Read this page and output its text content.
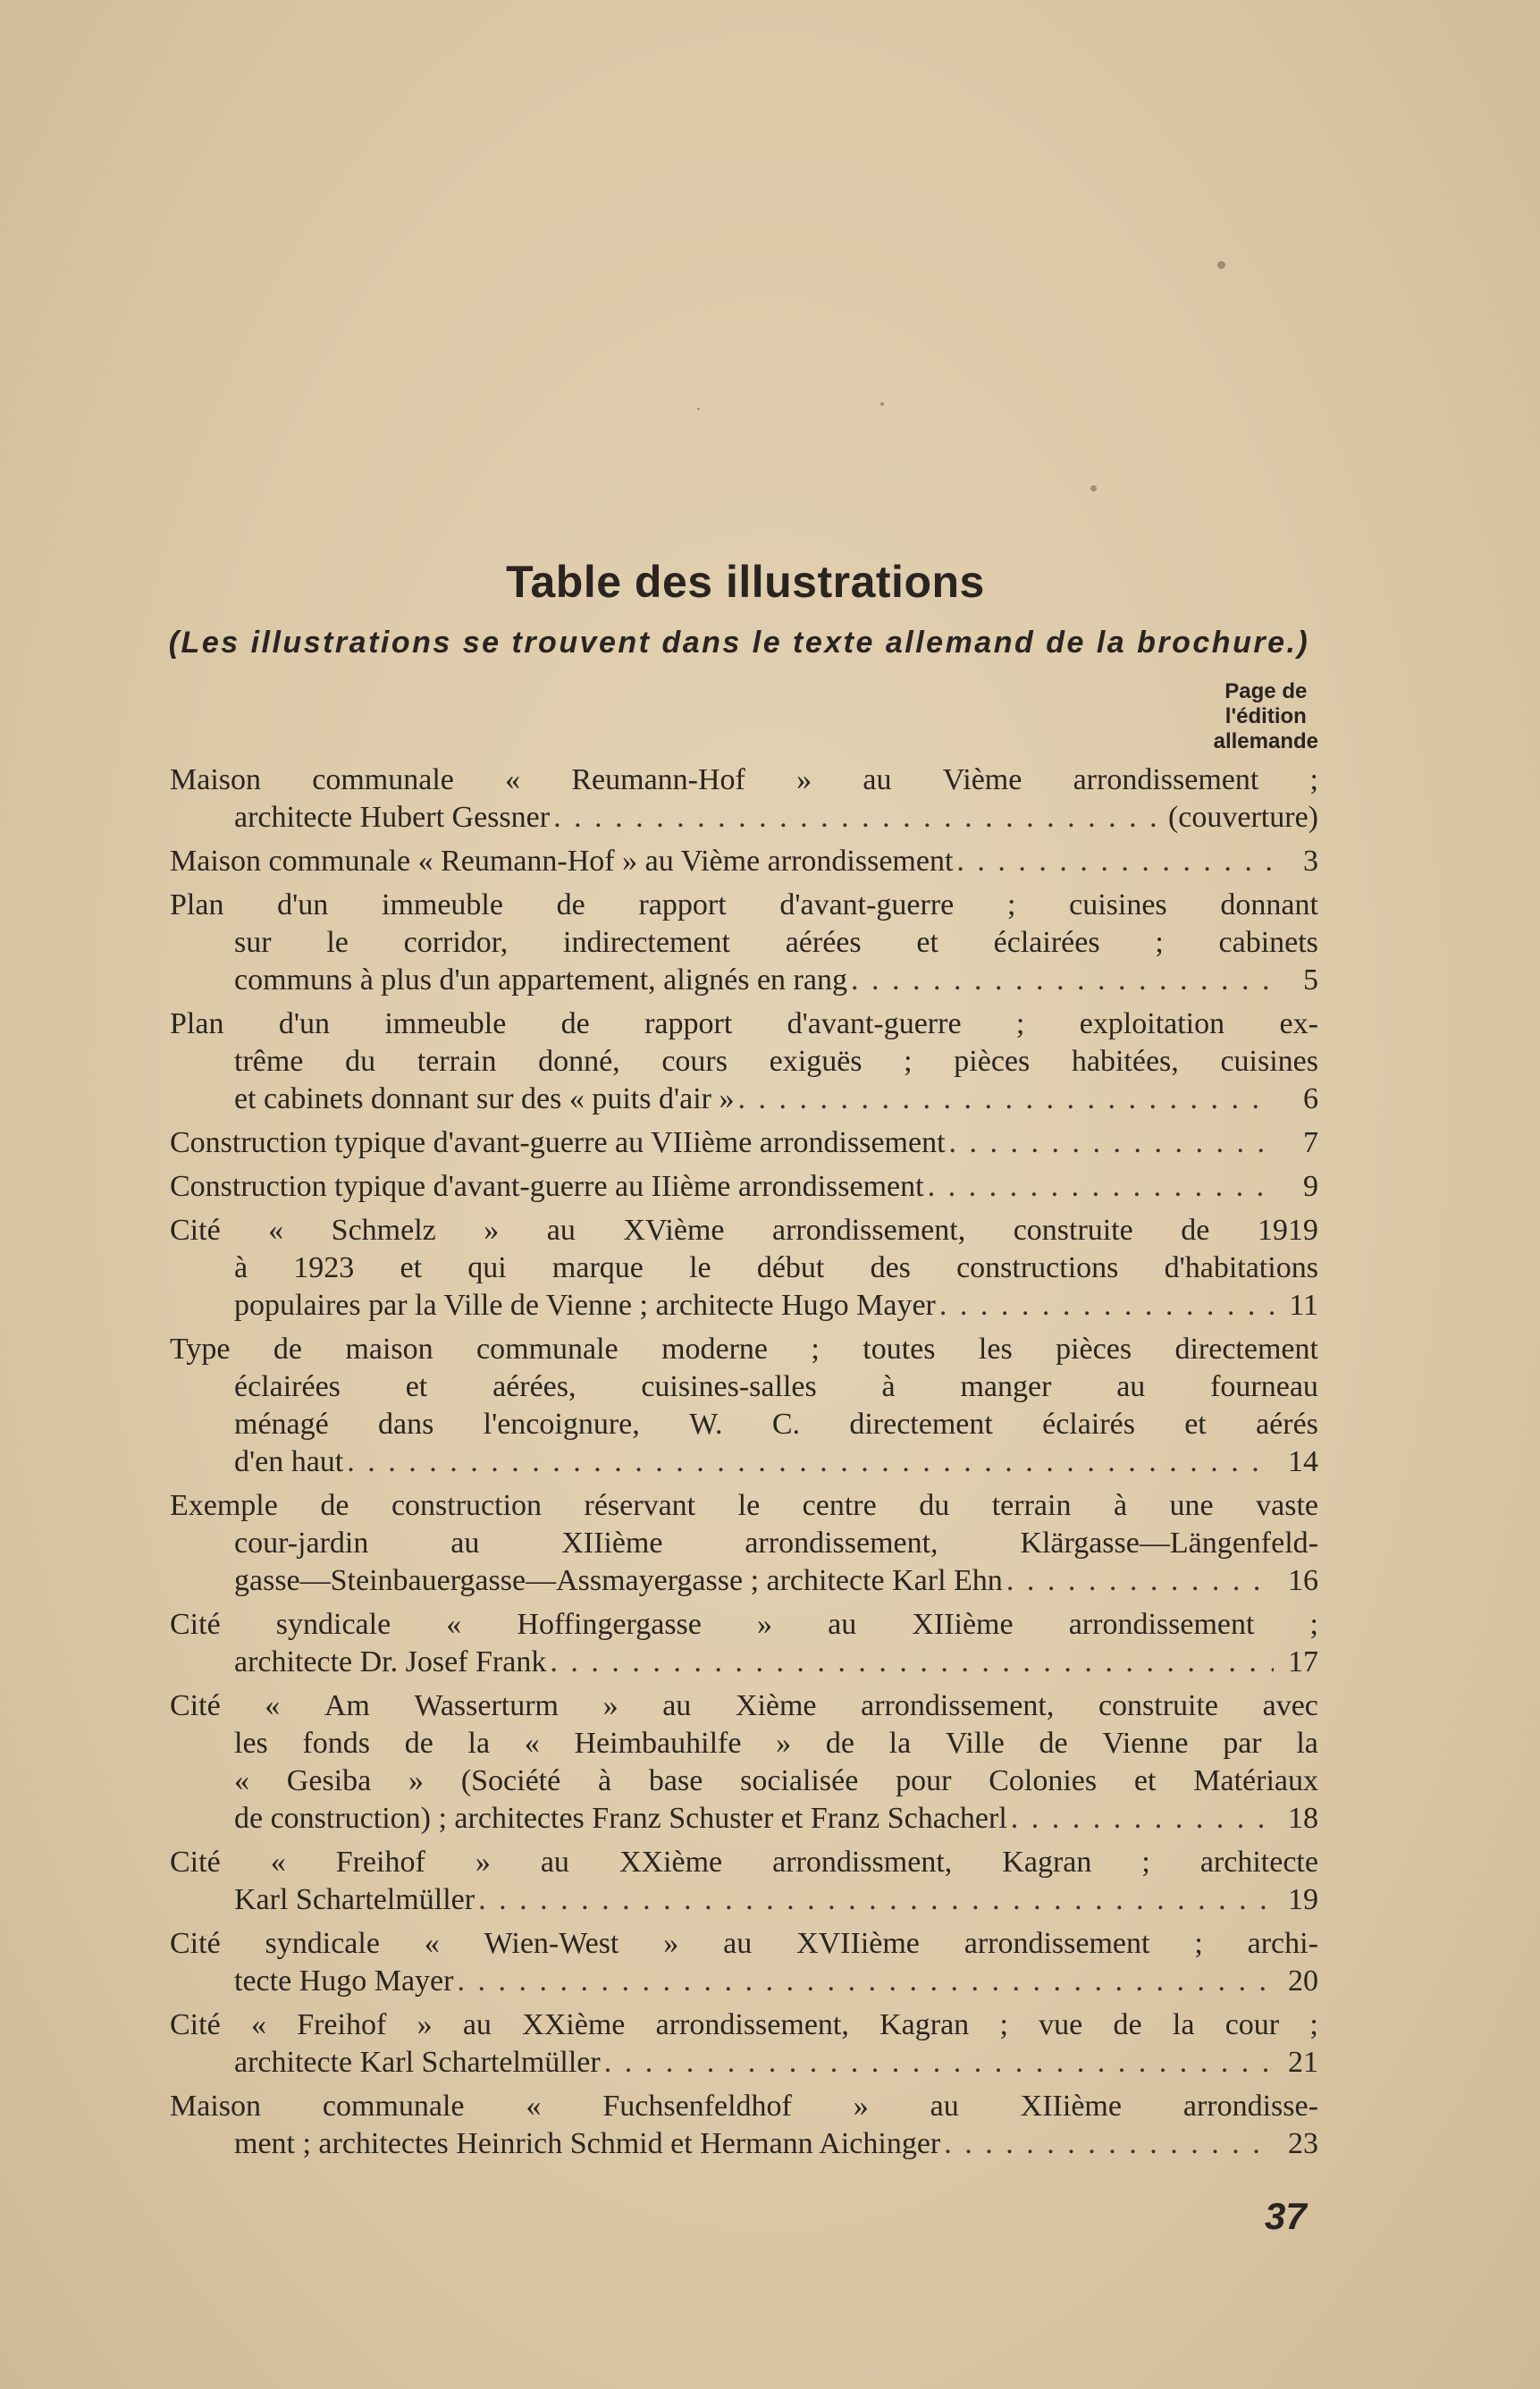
Table des illustrations
(Les illustrations se trouvent dans le texte allemand de la brochure.)
Page de
l'édition
allemande
Maison communale « Reumann-Hof » au Vième arrondissement ;
architecte Hubert Gessner . . .	(couverture)
Maison communale « Reumann-Hof » au Vième arrondissement . . .	3
Plan d'un immeuble de rapport d'avant-guerre ; cuisines donnant
sur le corridor, indirectement aérées et éclairées ; cabinets
communs à plus d'un appartement, alignés en rang . . .	5
Plan d'un immeuble de rapport d'avant-guerre ; exploitation ex-
trême du terrain donné, cours exiguës ; pièces habitées, cuisines
et cabinets donnant sur des « puits d'air » . . .	6
Construction typique d'avant-guerre au VIIième arrondissement . . .	7
Construction typique d'avant-guerre au IIième arrondissement . . .	9
Cité « Schmelz » au XVième arrondissement, construite de 1919
à 1923 et qui marque le début des constructions d'habitations
populaires par la Ville de Vienne ; architecte Hugo Mayer . . .	11
Type de maison communale moderne ; toutes les pièces directement
éclairées et aérées, cuisines-salles à manger au fourneau
ménagé dans l'encoignure, W. C. directement éclairés et aérés
d'en haut . . .	14
Exemple de construction réservant le centre du terrain à une vaste
cour-jardin	au	XIIième	arrondissement,	Klärgasse—Längenfeld-
gasse—Steinbauergasse—Assmayergasse ; architecte Karl Ehn . . .	16
Cité syndicale « Hoffingergasse » au XIIième arrondissement ;
architecte Dr. Josef Frank . . .	17
Cité « Am Wasserturm » au Xième arrondissement, construite avec
les fonds de la « Heimbauhilfe » de la Ville de Vienne par la
« Gesiba » (Société à base socialisée pour Colonies et Matériaux
de construction) ; architectes Franz Schuster et Franz Schacherl . . .	18
Cité « Freihof » au XXième arrondissment, Kagran ; architecte
Karl Schartelmüller . . .	19
Cité syndicale « Wien-West » au XVIIième arrondissement ; archi-
tecte Hugo Mayer . . .	20
Cité « Freihof » au XXième arrondissement, Kagran ; vue de la cour ;
architecte Karl Schartelmüller . . .	21
Maison communale « Fuchsenfeldhof » au XIIième arrondisse-
ment ; architectes Heinrich Schmid et Hermann Aichinger . . .	23
37
